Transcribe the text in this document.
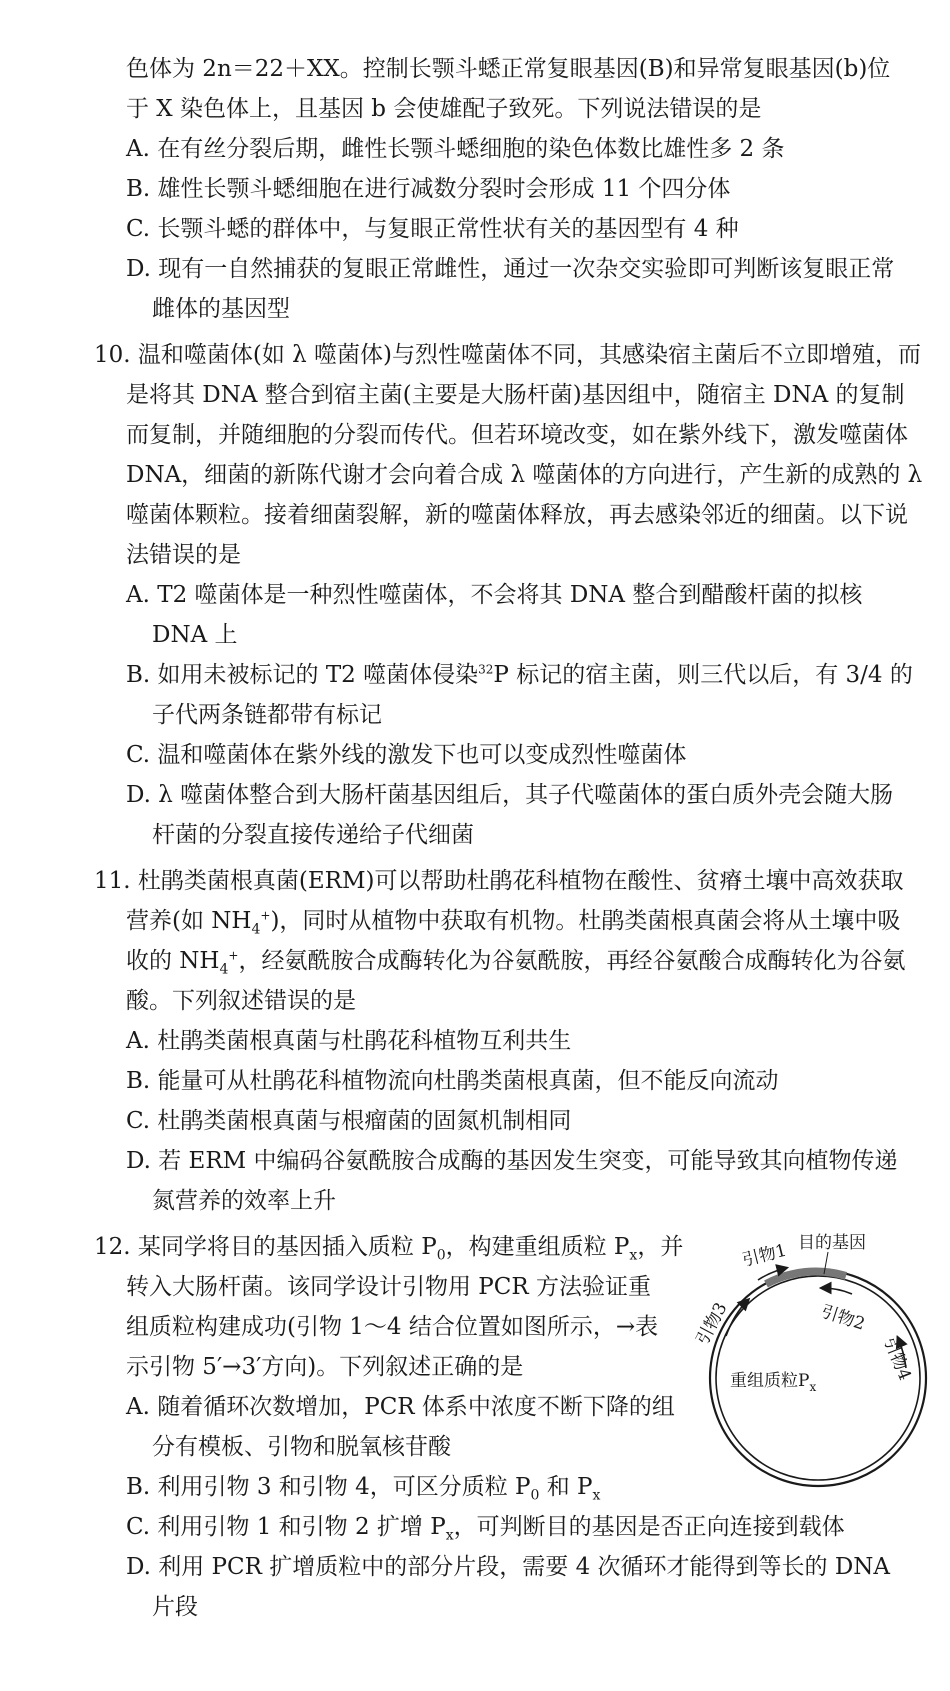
色体为 2n＝22＋XX。控制长颚斗蟋正常复眼基因(B)和异常复眼基因(b)位
于 X 染色体上，且基因 b 会使雄配子致死。下列说法错误的是
A. 在有丝分裂后期，雌性长颚斗蟋细胞的染色体数比雄性多 2 条
B. 雄性长颚斗蟋细胞在进行减数分裂时会形成 11 个四分体
C. 长颚斗蟋的群体中，与复眼正常性状有关的基因型有 4 种
D. 现有一自然捕获的复眼正常雌性，通过一次杂交实验即可判断该复眼正常
雌体的基因型
10. 温和噬菌体(如 λ 噬菌体)与烈性噬菌体不同，其感染宿主菌后不立即增殖，而
是将其 DNA 整合到宿主菌(主要是大肠杆菌)基因组中，随宿主 DNA 的复制
而复制，并随细胞的分裂而传代。但若环境改变，如在紫外线下，激发噬菌体
DNA，细菌的新陈代谢才会向着合成 λ 噬菌体的方向进行，产生新的成熟的 λ
噬菌体颗粒。接着细菌裂解，新的噬菌体释放，再去感染邻近的细菌。以下说
法错误的是
A. T2 噬菌体是一种烈性噬菌体，不会将其 DNA 整合到醋酸杆菌的拟核
DNA 上
B. 如用未被标记的 T2 噬菌体侵染$^{32}$P 标记的宿主菌，则三代以后，有 3/4 的
子代两条链都带有标记
C. 温和噬菌体在紫外线的激发下也可以变成烈性噬菌体
D. λ 噬菌体整合到大肠杆菌基因组后，其子代噬菌体的蛋白质外壳会随大肠
杆菌的分裂直接传递给子代细菌
11. 杜鹃类菌根真菌(ERM)可以帮助杜鹃花科植物在酸性、贫瘠土壤中高效获取
营养(如 $NH_4^+$)，同时从植物中获取有机物。杜鹃类菌根真菌会将从土壤中吸
收的 $NH_4^+$，经氨酰胺合成酶转化为谷氨酰胺，再经谷氨酸合成酶转化为谷氨
酸。下列叙述错误的是
A. 杜鹃类菌根真菌与杜鹃花科植物互利共生
B. 能量可从杜鹃花科植物流向杜鹃类菌根真菌，但不能反向流动
C. 杜鹃类菌根真菌与根瘤菌的固氮机制相同
D. 若 ERM 中编码谷氨酰胺合成酶的基因发生突变，可能导致其向植物传递
氮营养的效率上升
12. 某同学将目的基因插入质粒 $P_0$，构建重组质粒 $P_x$，并
转入大肠杆菌。该同学设计引物用 PCR 方法验证重
组质粒构建成功(引物 1～4 结合位置如图所示，→表
示引物 5′→3′方向)。下列叙述正确的是
A. 随着循环次数增加，PCR 体系中浓度不断下降的组
分有模板、引物和脱氧核苷酸
B. 利用引物 3 和引物 4，可区分质粒 $P_0$ 和 $P_x$
C. 利用引物 1 和引物 2 扩增 $P_x$，可判断目的基因是否正向连接到载体
D. 利用 PCR 扩增质粒中的部分片段，需要 4 次循环才能得到等长的 DNA
片段
目的基因
引物1
引物2
引物3
引物4
重组质粒$P_x$
